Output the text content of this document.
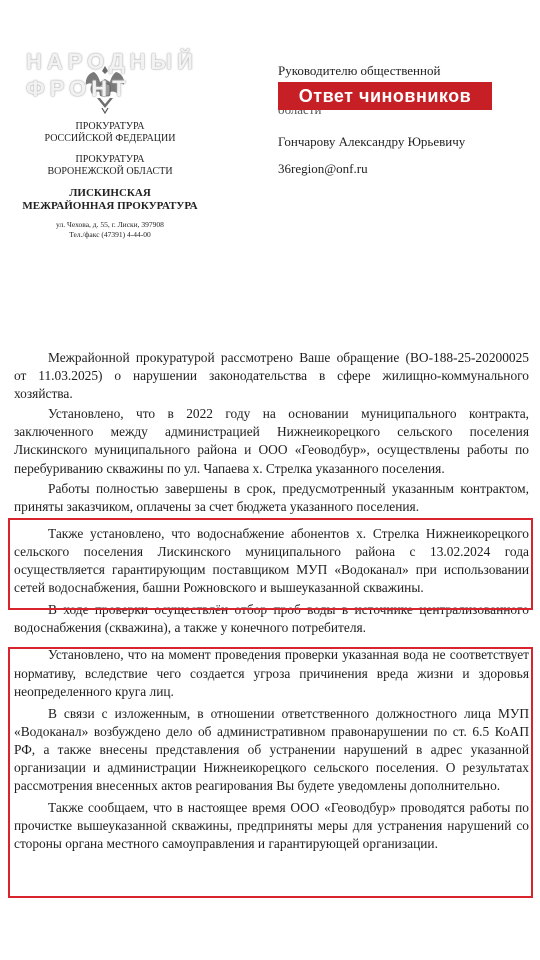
НАРОДНЫЙ
ФРОНТ
ПРОКУРАТУРА
РОССИЙСКОЙ ФЕДЕРАЦИИ
ПРОКУРАТУРА
ВОРОНЕЖСКОЙ ОБЛАСТИ
ЛИСКИНСКАЯ
МЕЖРАЙОННАЯ ПРОКУРАТУРА
ул. Чехова, д. 55, г. Лиски, 397908
Тел./факс (47391) 4-44-00
Руководителю общественной
Ответ чиновников
Гончарову Александру Юрьевичу
36region@onf.ru

Межрайонной прокуратурой рассмотрено Ваше обращение (ВО-188-25-20200025 от 11.03.2025) о нарушении законодательства в сфере жилищно-коммунального хозяйства.

Установлено, что в 2022 году на основании муниципального контракта, заключенного между администрацией Нижнеикорецкого сельского поселения Лискинского муниципального района и ООО «Геоводбур», осуществлены работы по перебуриванию скважины по ул. Чапаева х. Стрелка указанного поселения.

Работы полностью завершены в срок, предусмотренный указанным контрактом, приняты заказчиком, оплачены за счет бюджета указанного поселения.

Также установлено, что водоснабжение абонентов х. Стрелка Нижнеикорецкого сельского поселения Лискинского муниципального района с 13.02.2024 года осуществляется гарантирующим поставщиком МУП «Водоканал» при использовании сетей водоснабжения, башни Рожновского и вышеуказанной скважины.

В ходе проверки осуществлён отбор проб воды в источнике централизованного водоснабжения (скважина), а также у конечного потребителя.

Установлено, что на момент проведения проверки указанная вода не соответствует нормативу, вследствие чего создается угроза причинения вреда жизни и здоровья неопределенного круга лиц.

В связи с изложенным, в отношении ответственного должностного лица МУП «Водоканал» возбуждено дело об административном правонарушении по ст. 6.5 КоАП РФ, а также внесены представления об устранении нарушений в адрес указанной организации и администрации Нижнеикорецкого сельского поселения. О результатах рассмотрения внесенных актов реагирования Вы будете уведомлены дополнительно.

Также сообщаем, что в настоящее время ООО «Геоводбур» проводятся работы по прочистке вышеуказанной скважины, предприняты меры для устранения нарушений со стороны органа местного самоуправления и гарантирующей организации.
